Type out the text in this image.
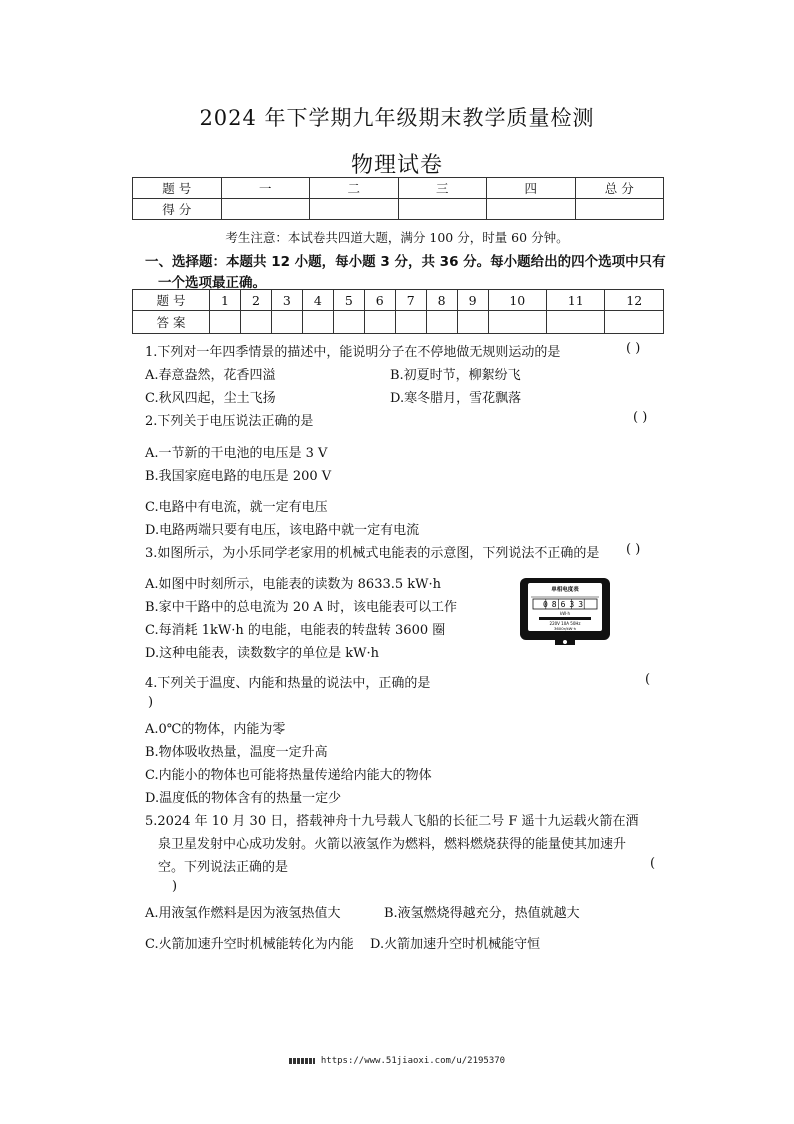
2024 年下学期九年级期末教学质量检测
物理试卷
题 号	一	二	三	四	总 分
得 分					
考生注意：本试卷共四道大题，满分 100 分，时量 60 分钟。
一、选择题：本题共 12 小题，每小题 3 分，共 36 分。每小题给出的四个选项中只有
一个选项最正确。
题 号	1	2	3	4	5	6	7	8	9	10	11	12
答 案												
1.下列对一年四季情景的描述中，能说明分子在不停地做无规则运动的是	( )
A.春意盎然，花香四溢	B.初夏时节，柳絮纷飞
C.秋风四起，尘土飞扬	D.寒冬腊月，雪花飘落
2.下列关于电压说法正确的是	( )
A.一节新的干电池的电压是 3 V
B.我国家庭电路的电压是 200 V
C.电路中有电流，就一定有电压
D.电路两端只要有电压，该电路中就一定有电流
3.如图所示，为小乐同学老家用的机械式电能表的示意图，下列说法不正确的是 ( )
A.如图中时刻所示，电能表的读数为 8633.5 kW·h
B.家中干路中的总电流为 20 A 时，该电能表可以工作
C.每消耗 1kW·h 的电能，电能表的转盘转 3600 圈
D.这种电能表，读数数字的单位是 kW·h
单相电度表
08633
kW·h
220V 10A 50Hz
3600r/kW·h
4.下列关于温度、内能和热量的说法中，正确的是	(
)
A.0℃的物体，内能为零
B.物体吸收热量，温度一定升高
C.内能小的物体也可能将热量传递给内能大的物体
D.温度低的物体含有的热量一定少
5.2024 年 10 月 30 日，搭载神舟十九号载人飞船的长征二号 F 遥十九运载火箭在酒
泉卫星发射中心成功发射。火箭以液氢作为燃料，燃料燃烧获得的能量使其加速升
空。下列说法正确的是	(
)
A.用液氢作燃料是因为液氢热值大	B.液氢燃烧得越充分，热值就越大
C.火箭加速升空时机械能转化为内能 D.火箭加速升空时机械能守恒
https://www.51jiaoxi.com/u/2195370
